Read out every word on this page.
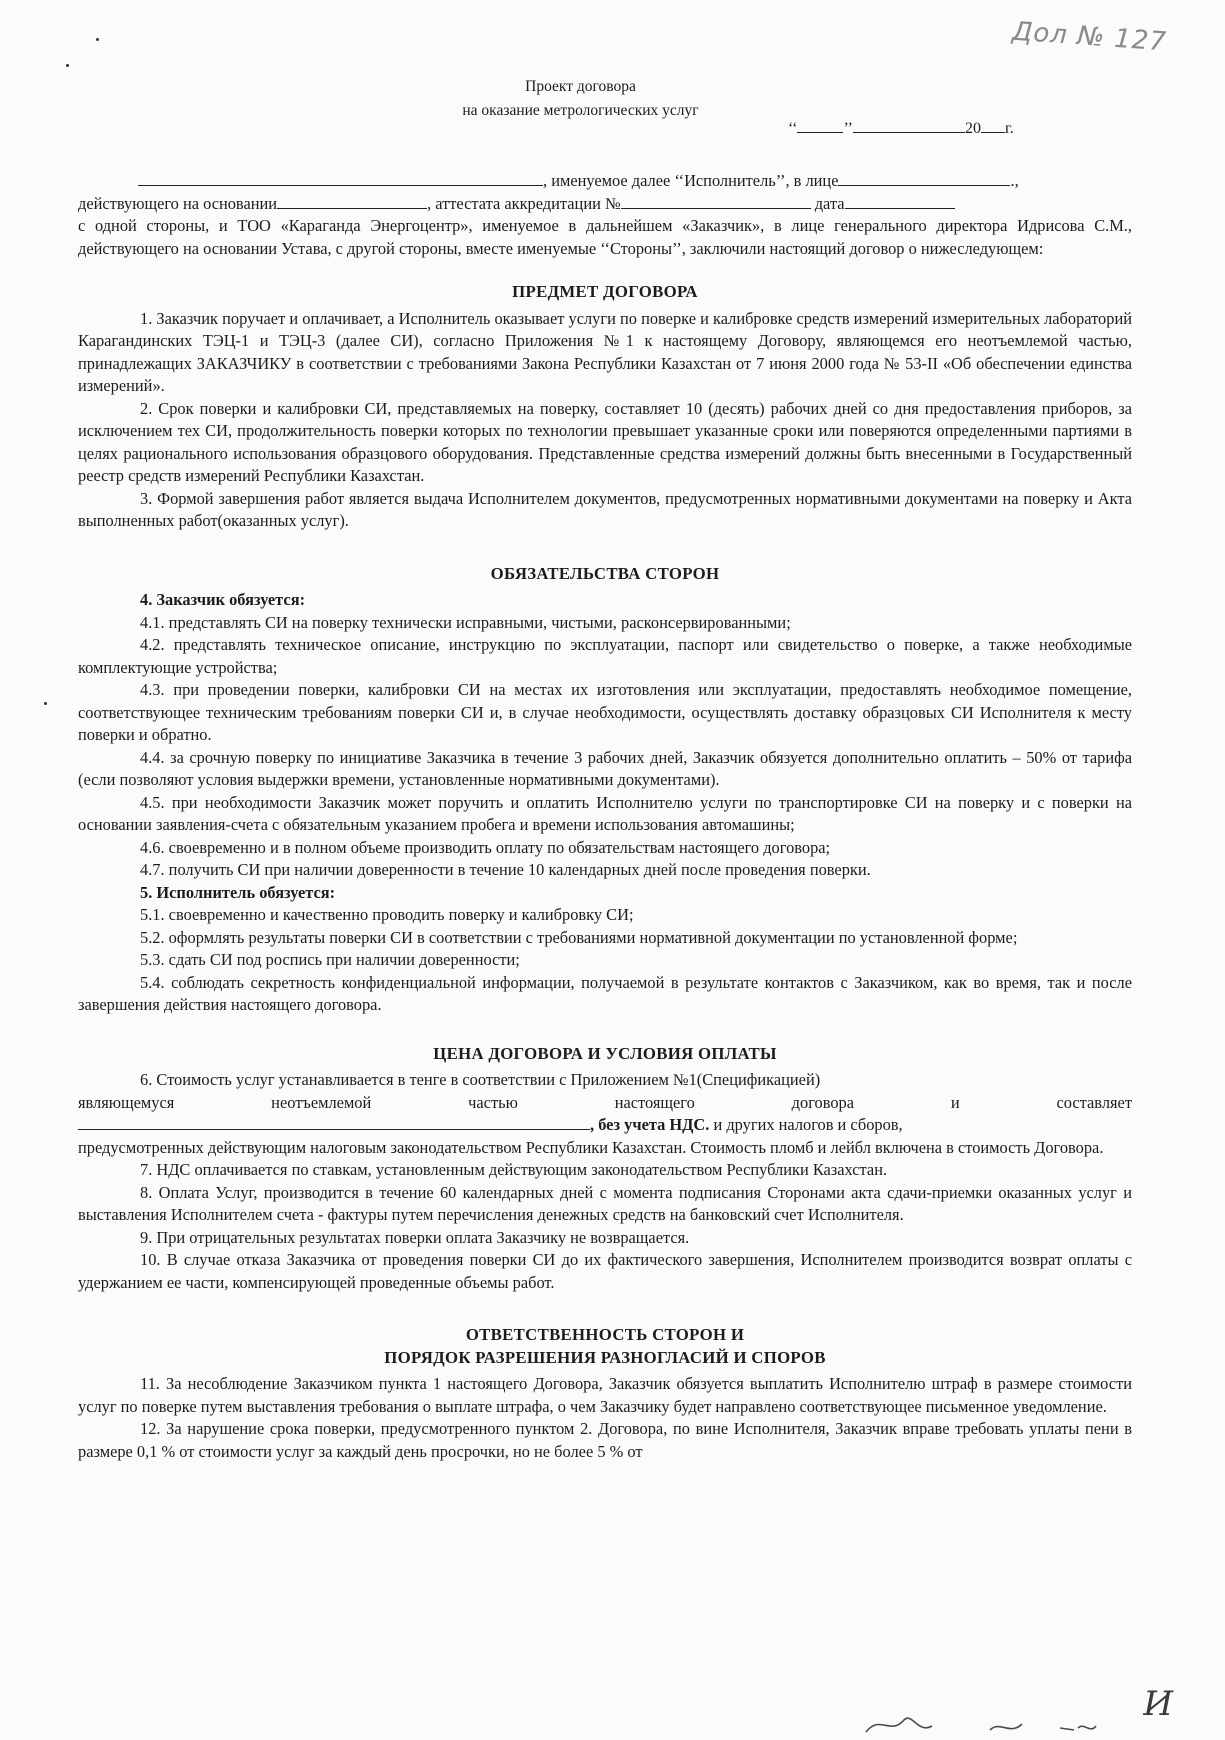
Дол № 127
Проект договора
на оказание метрологических услуг
‘‘	’’	20 г.

, именуемое далее ‘‘Исполнитель’’, в лице	.,

действующего на основании	, аттестата аккредитации №	дата

с одной стороны, и ТОО «Караганда Энергоцентр», именуемое в дальнейшем «Заказчик», в лице генерального директора Идрисова С.М., действующего на основании Устава, с другой стороны, вместе именуемые ‘‘Стороны’’, заключили настоящий договор о нижеследующем:

ПРЕДМЕТ ДОГОВОРА

1. Заказчик поручает и оплачивает, а Исполнитель оказывает услуги по поверке и калибровке средств измерений измерительных лабораторий Карагандинских ТЭЦ-1 и ТЭЦ-3 (далее СИ), согласно Приложения №1 к настоящему Договору, являющемся его неотъемлемой частью, принадлежащих ЗАКАЗЧИКУ в соответствии с требованиями Закона Республики Казахстан от 7 июня 2000 года № 53-II «Об обеспечении единства измерений».

2. Срок поверки и калибровки СИ, представляемых на поверку, составляет 10 (десять) рабочих дней со дня предоставления приборов, за исключением тех СИ, продолжительность поверки которых по технологии превышает указанные сроки или поверяются определенными партиями в целях рационального использования образцового оборудования. Представленные средства измерений должны быть внесенными в Государственный реестр средств измерений Республики Казахстан.

3. Формой завершения работ является выдача Исполнителем документов, предусмотренных нормативными документами на поверку и Акта выполненных работ(оказанных услуг).

ОБЯЗАТЕЛЬСТВА СТОРОН

4. Заказчик обязуется:

4.1. представлять СИ на поверку технически исправными, чистыми, расконсервированными;

4.2. представлять техническое описание, инструкцию по эксплуатации, паспорт или свидетельство о поверке, а также необходимые комплектующие устройства;

4.3. при проведении поверки, калибровки СИ на местах их изготовления или эксплуатации, предоставлять необходимое помещение, соответствующее техническим требованиям поверки СИ и, в случае необходимости, осуществлять доставку образцовых СИ Исполнителя к месту поверки и обратно.

4.4. за срочную поверку по инициативе Заказчика в течение 3 рабочих дней, Заказчик обязуется дополнительно оплатить – 50% от тарифа (если позволяют условия выдержки времени, установленные нормативными документами).

4.5. при необходимости Заказчик может поручить и оплатить Исполнителю услуги по транспортировке СИ на поверку и с поверки на основании заявления-счета с обязательным указанием пробега и времени использования автомашины;

4.6. своевременно и в полном объеме производить оплату по обязательствам настоящего договора;

4.7. получить СИ при наличии доверенности в течение 10 календарных дней после проведения поверки.

5. Исполнитель обязуется:

5.1. своевременно и качественно проводить поверку и калибровку СИ;

5.2. оформлять результаты поверки СИ в соответствии с требованиями нормативной документации по установленной форме;

5.3. сдать СИ под роспись при наличии доверенности;

5.4. соблюдать секретность конфиденциальной информации, получаемой в результате контактов с Заказчиком, как во время, так и после завершения действия настоящего договора.

ЦЕНА ДОГОВОРА И УСЛОВИЯ ОПЛАТЫ

6. Стоимость услуг устанавливается в тенге в соответствии с Приложением №1(Спецификацией)

являющемуся неотъемлемой частью настоящего договора и составляет

, без учета НДС. и других налогов и сборов,

предусмотренных действующим налоговым законодательством Республики Казахстан. Стоимость пломб и лейбл включена в стоимость Договора.

7. НДС оплачивается по ставкам, установленным действующим законодательством Республики Казахстан.

8. Оплата Услуг, производится в течение 60 календарных дней с момента подписания Сторонами акта сдачи-приемки оказанных услуг и выставления Исполнителем счета - фактуры путем перечисления денежных средств на банковский счет Исполнителя.

9. При отрицательных результатах поверки оплата Заказчику не возвращается.

10. В случае отказа Заказчика от проведения поверки СИ до их фактического завершения, Исполнителем производится возврат оплаты с удержанием ее части, компенсирующей проведенные объемы работ.

ОТВЕТСТВЕННОСТЬ СТОРОН И
ПОРЯДОК РАЗРЕШЕНИЯ РАЗНОГЛАСИЙ И СПОРОВ

11. За несоблюдение Заказчиком пункта 1 настоящего Договора, Заказчик обязуется выплатить Исполнителю штраф в размере стоимости услуг по поверке путем выставления требования о выплате штрафа, о чем Заказчику будет направлено соответствующее письменное уведомление.

12. За нарушение срока поверки, предусмотренного пунктом 2. Договора, по вине Исполнителя, Заказчик вправе требовать уплаты пени в размере 0,1 % от стоимости услуг за каждый день просрочки, но не более 5 % от

И
